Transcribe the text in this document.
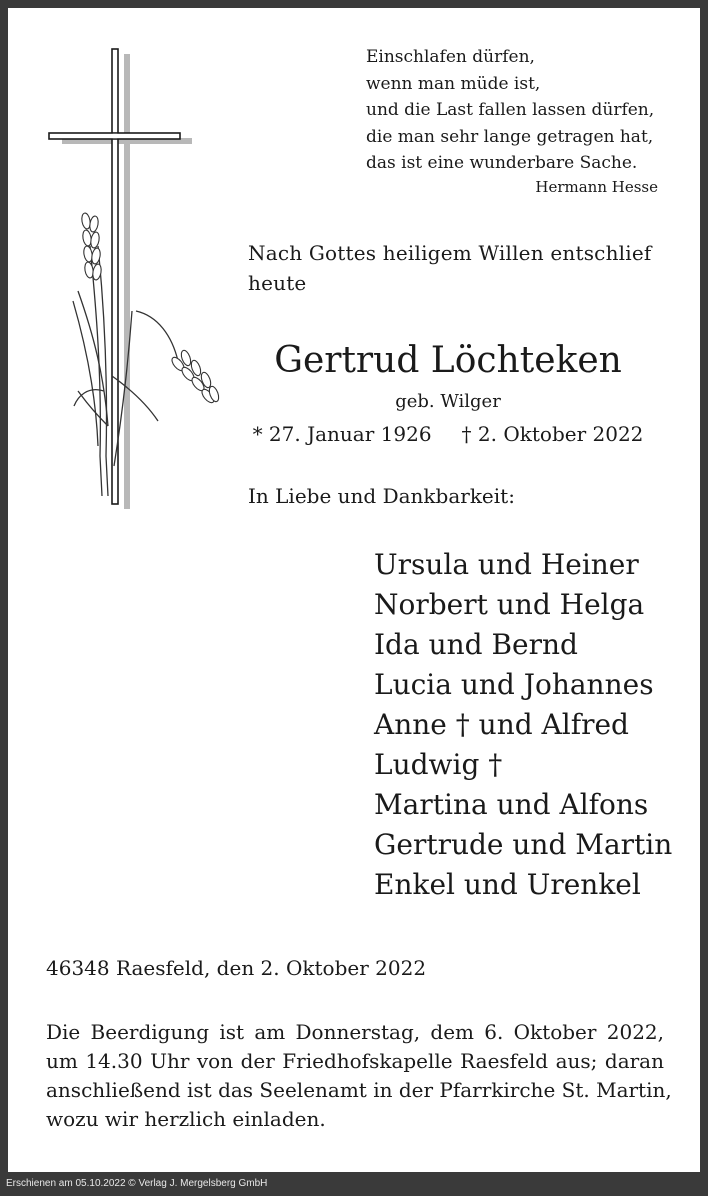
Einschlafen dürfen,
wenn man müde ist,
und die Last fallen lassen dürfen,
die man sehr lange getragen hat,
das ist eine wunderbare Sache.
Hermann Hesse
Nach Gottes heiligem Willen entschlief heute
Gertrud Löchteken
geb. Wilger
* 27. Januar 1926 † 2. Oktober 2022
In Liebe und Dankbarkeit:
Ursula und Heiner
Norbert und Helga
Ida und Bernd
Lucia und Johannes
Anne † und Alfred
Ludwig †
Martina und Alfons
Gertrude und Martin
Enkel und Urenkel
46348 Raesfeld, den 2. Oktober 2022
Die Beerdigung ist am Donnerstag, dem 6. Oktober 2022,
um 14.30 Uhr von der Friedhofskapelle Raesfeld aus; daran
anschließend ist das Seelenamt in der Pfarrkirche St. Martin,
wozu wir herzlich einladen.
Erschienen am 05.10.2022 © Verlag J. Mergelsberg GmbH
